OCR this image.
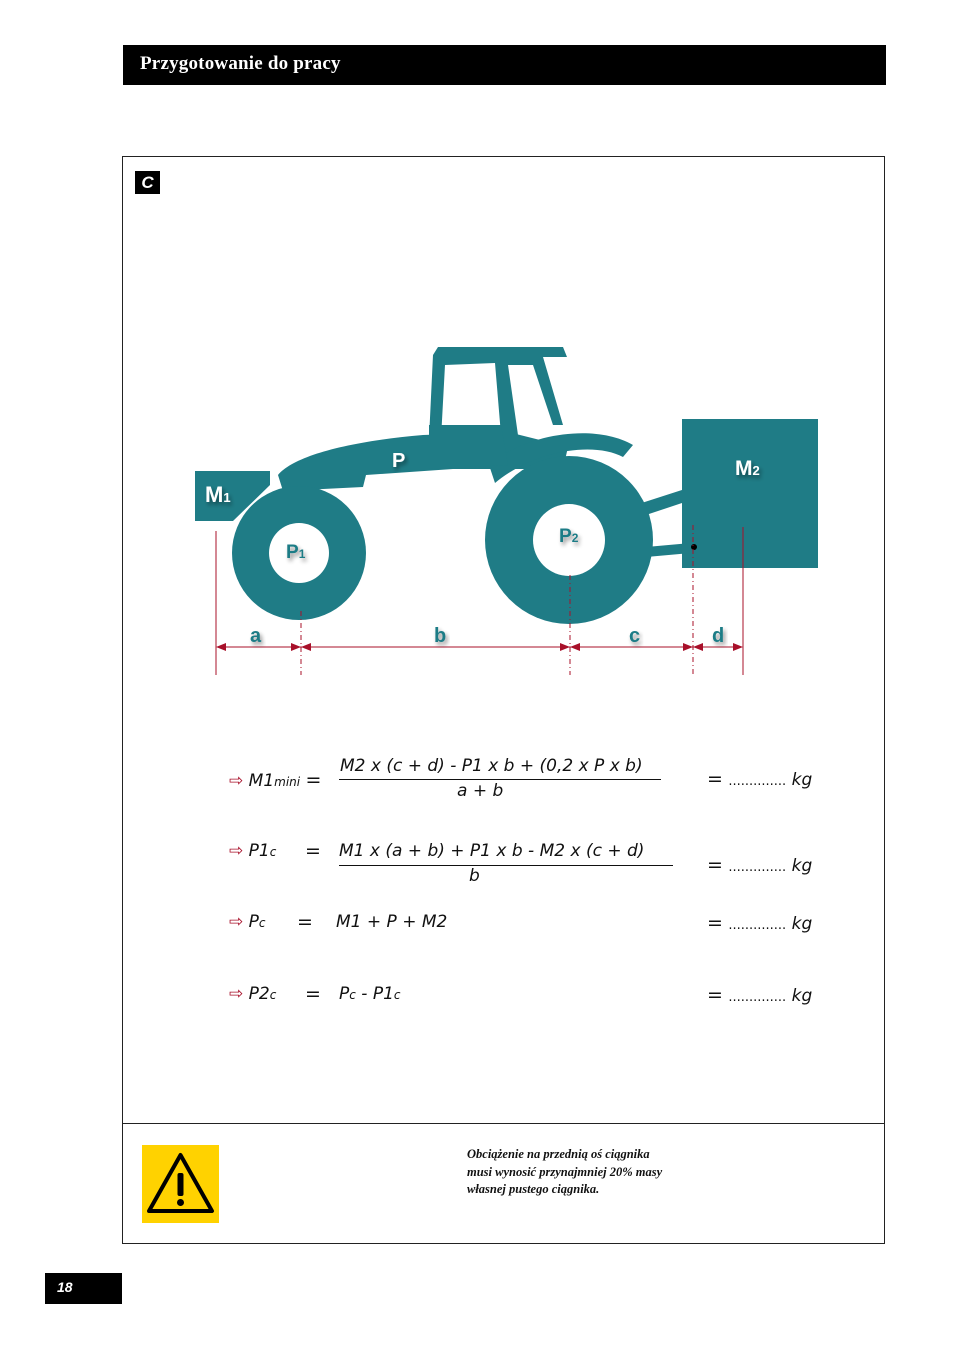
Przygotowanie do pracy
C
M1
P	M2
P1
P2
a	b	c	d
⇨ M1mini =
M2 x (c + d) - P1 x b + (0,2 x P x b)
a + b
= .............. kg
⇨ P1c = M1 x (a + b) + P1 x b - M2 x (c + d)
b	= .............. kg
⇨ Pc = M1 + P + M2	= .............. kg
⇨ P2c = Pc - P1c	= .............. kg
Obciążenie na przednią oś ciągnika musi wynosić przynajmniej 20% masy własnej pustego ciągnika.
18
